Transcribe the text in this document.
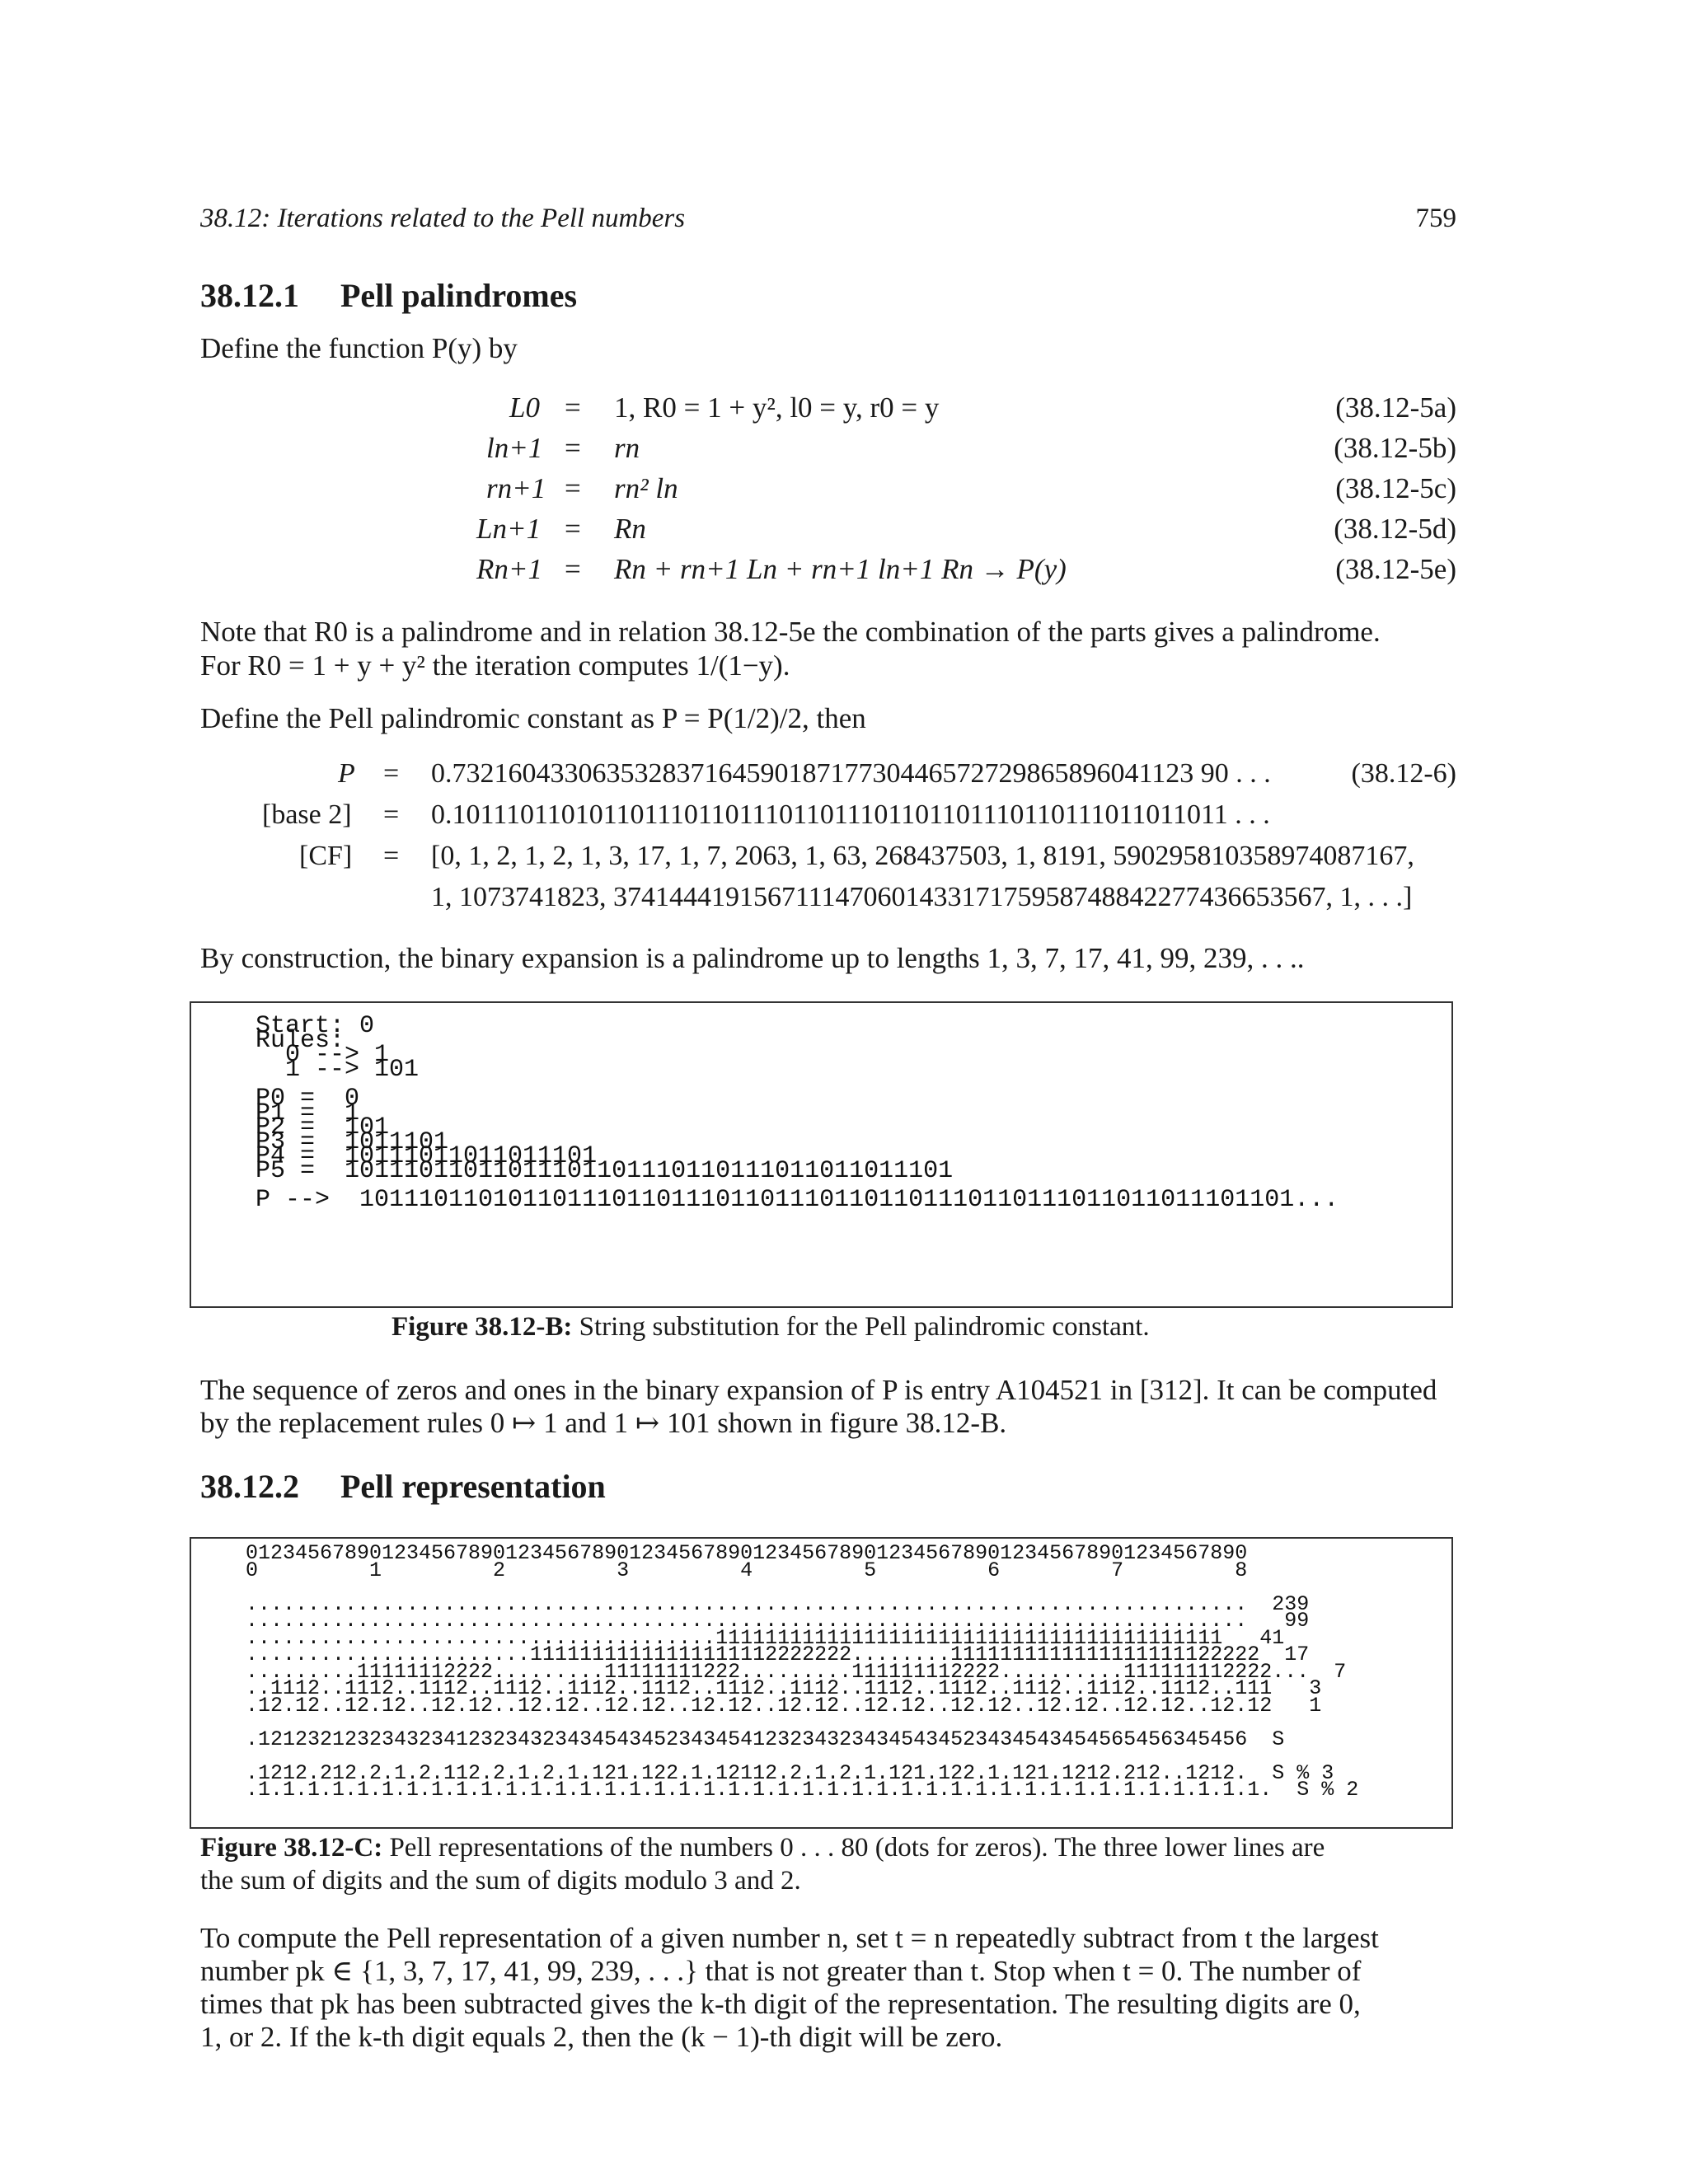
38.12: Iterations related to the Pell numbers	759
38.12.1 Pell palindromes
Define the function P(y) by
L0 = 1, R0 = 1 + y², l0 = y, r0 = y	(38.12-5a)
ln+1 = rn	(38.12-5b)
rn+1 = rn² ln	(38.12-5c)
Ln+1 = Rn	(38.12-5d)
Rn+1 = Rn + rn+1 Ln + rn+1 ln+1 Rn → P(y)	(38.12-5e)
Note that R0 is a palindrome and in relation 38.12-5e the combination of the parts gives a palindrome.
For R0 = 1 + y + y² the iteration computes 1/(1−y).
Define the Pell palindromic constant as P = P(1/2)/2, then
P = 0.73216043306353283716459018717730446572729865896041123 90 . . .	(38.12-6)
[base 2] = 0.101110110101101110110111011011101101101110110111011011011 . . .
[CF] = [0, 1, 2, 1, 2, 1, 3, 17, 1, 7, 2063, 1, 63, 268437503, 1, 8191, 590295810358974087167,
1, 1073741823, 374144419156711147060143317175958748842277436653567, 1, . . .]
By construction, the binary expansion is a palindrome up to lengths 1, 3, 7, 17, 41, 99, 239, . . ..
Start: 0
Rules:
0 --> 1
1 --> 101

P0 =  0
P1 =  1
P2 =  101
P3 =  1011101
P4 =  10111011011011101
P5 =  10111011011011101101110110111011011011101

P -->  101110110101101110110111011011101101101110110111011011011101101...
Figure 38.12-B: String substitution for the Pell palindromic constant.
The sequence of zeros and ones in the binary expansion of P is entry A104521 in [312]. It can be computed
by the replacement rules 0 ↦ 1 and 1 ↦ 101 shown in figure 38.12-B.
38.12.2 Pell representation
012345678901234567890123456789012345678901234567890123456789012345678901234567890
0         1         2         3         4         5         6         7         8

.................................................................................  239
.................................................................................   99
......................................11111111111111111111111111111111111111111   41
.......................11111111111111111112222222........1111111111111111111122222  17
.........11111112222.........11111111222.........111111112222..........111111112222...  7
..1112..1112..1112..1112..1112..1112..1112..1112..1112..1112..1112..1112..1112..111   3
.12.12..12.12..12.12..12.12..12.12..12.12..12.12..12.12..12.12..12.12..12.12..12.12   1

.12123212323432341232343234345434523434541232343234345434523434543454565456345456  S

.1212.212.2.1.2.112.2.1.2.1.121.122.1.12112.2.1.2.1.121.122.1.121.1212.212..1212.  S % 3
.1.1.1.1.1.1.1.1.1.1.1.1.1.1.1.1.1.1.1.1.1.1.1.1.1.1.1.1.1.1.1.1.1.1.1.1.1.1.1.1.1.  S % 2
Figure 38.12-C: Pell representations of the numbers 0 . . . 80 (dots for zeros). The three lower lines are
the sum of digits and the sum of digits modulo 3 and 2.
To compute the Pell representation of a given number n, set t = n repeatedly subtract from t the largest
number pk ∈ {1, 3, 7, 17, 41, 99, 239, . . .} that is not greater than t. Stop when t = 0. The number of
times that pk has been subtracted gives the k-th digit of the representation. The resulting digits are 0,
1, or 2. If the k-th digit equals 2, then the (k − 1)-th digit will be zero.
